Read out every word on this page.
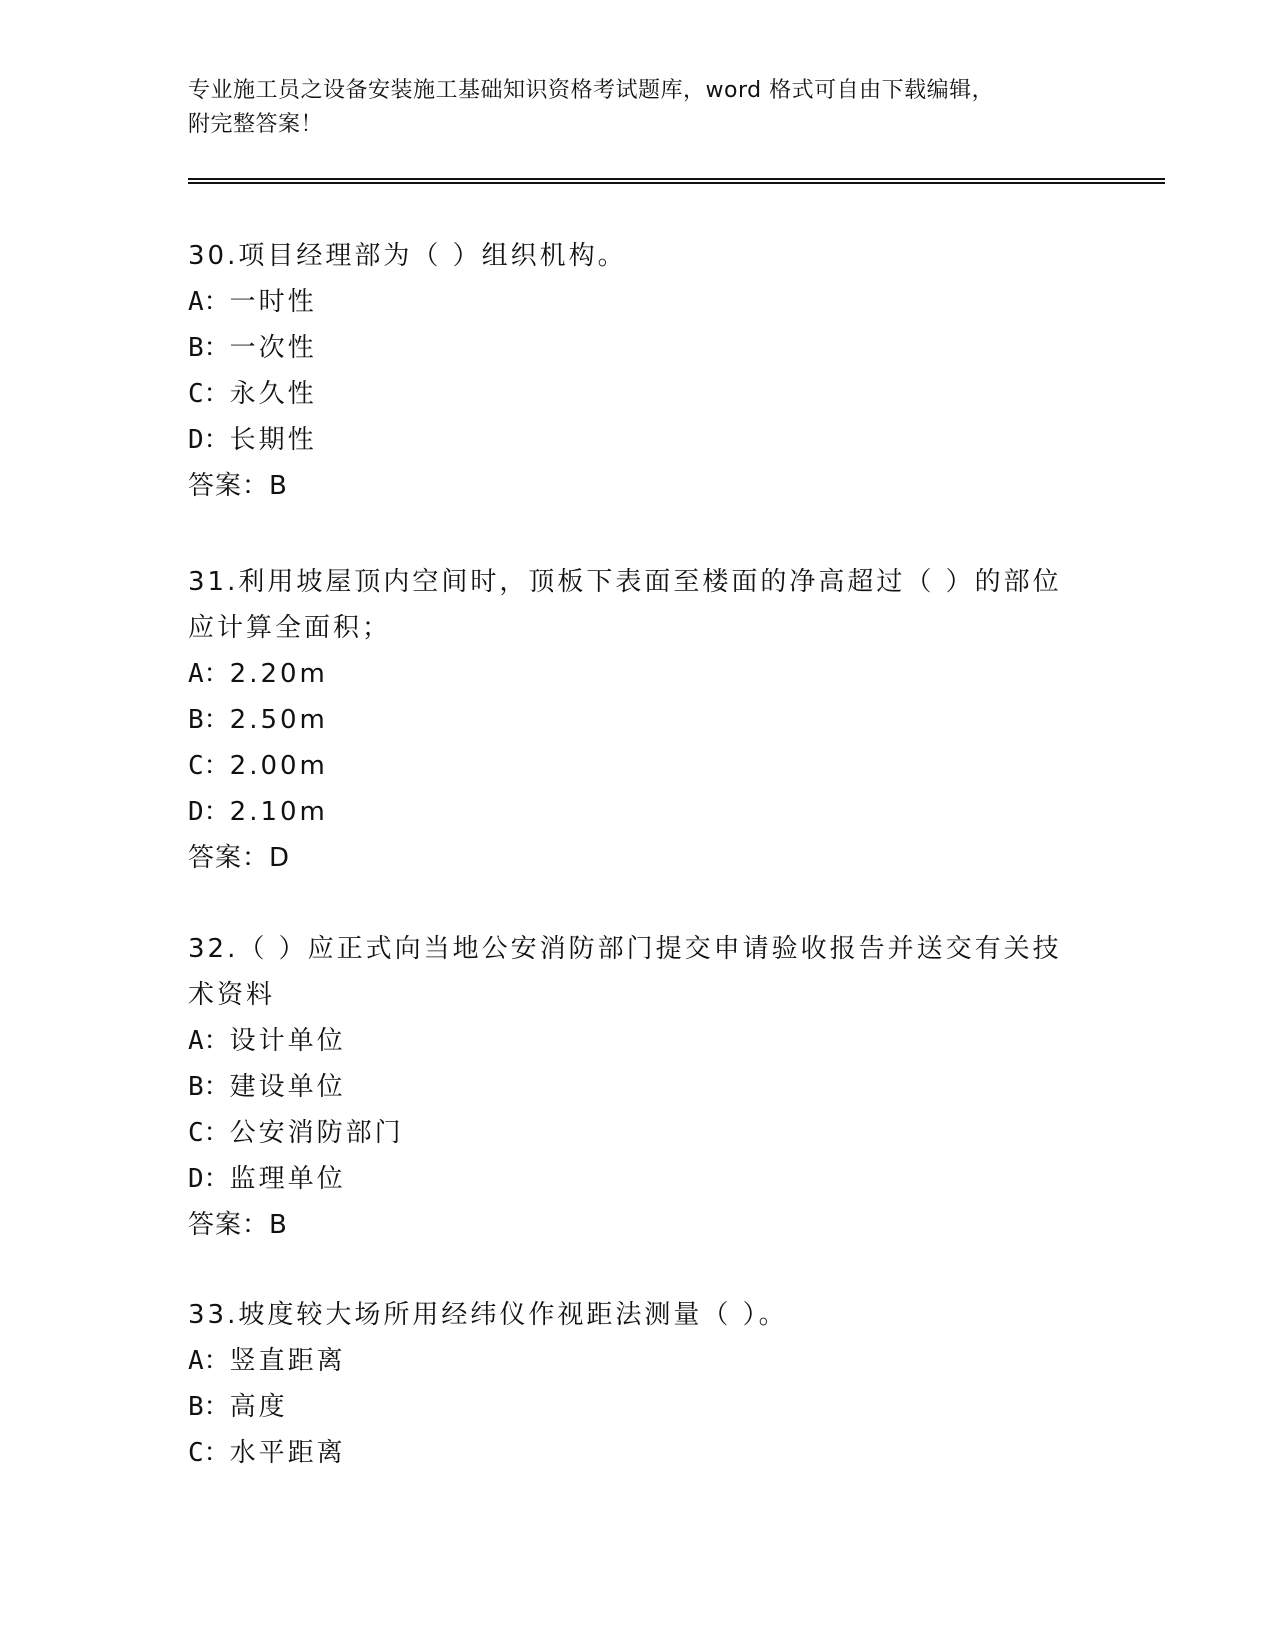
专业施工员之设备安装施工基础知识资格考试题库，word 格式可自由下载编辑，
附完整答案！

30.项目经理部为（ ）组织机构。

A：一时性

B：一次性

C：永久性

D：长期性

答案：B

31.利用坡屋顶内空间时，顶板下表面至楼面的净高超过（ ）的部位应计算全面积；

A：2.20m

B：2.50m

C：2.00m

D：2.10m

答案：D

32.（ ）应正式向当地公安消防部门提交申请验收报告并送交有关技术资料

A：设计单位

B：建设单位

C：公安消防部门

D：监理单位

答案：B

33.坡度较大场所用经纬仪作视距法测量（ ）。

A：竖直距离

B：高度

C：水平距离
